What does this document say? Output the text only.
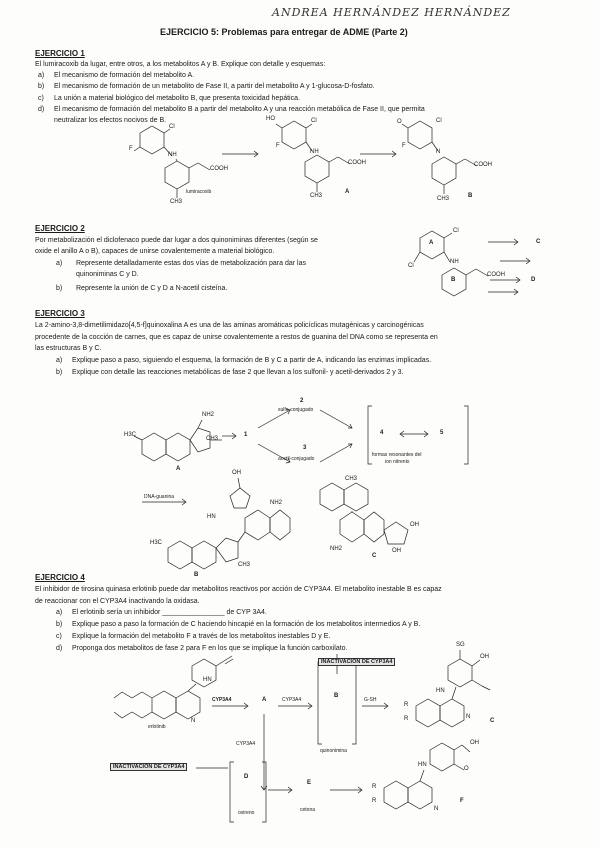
ANDREA HERNÁNDEZ HERNÁNDEZ
EJERCICIO 5: Problemas para entregar de ADME (Parte 2)
EJERCICIO 1
El lumiracoxib da lugar, entre otros, a los metabolitos A y B. Explique con detalle y esquemas:
a) El mecanismo de formación del metabolito A.
b) El mecanismo de formación de un metabolito de Fase II, a partir del metabolito A y 1-glucosa-D-fosfato.
c) La unión a material biológico del metabolito B, que presenta toxicidad hepática.
d) El mecanismo de formación del metabolito B a partir del metabolito A y una reacción metabólica de Fase II, que permita
neutralizar los efectos nocivos de B.
F
Cl
NH
COOH
CH3
lumiracoxib
HO	Cl
NH
F
COOH
CH3
A
O	Cl
N
F
COOH
CH3	B
EJERCICIO 2
Por metabolización el diclofenaco puede dar lugar a dos quinoniminas diferentes (según se
oxide el anillo A o B), capaces de unirse covalentemente a material biológico.
a) Represente detalladamente estas dos vías de metabolización para dar las
quinoniminas C y D.
b) Represente la unión de C y D a N-acetil cisteína.
A
B
Cl
Cl
NH
COOH
C
D
EJERCICIO 3
La 2-amino-3,8-dimetilimidazo[4,5-f]quinoxalina A es una de las aminas aromáticas policíclicas mutagénicas y carcinogénicas
procedente de la cocción de carnes, que es capaz de unirse covalentemente a restos de guanina del DNA como se representa en
las estructuras B y C.
a) Explique paso a paso, siguiendo el esquema, la formación de B y C a partir de A, indicando las enzimas implicadas.
b) Explique con detalle las reacciones metabólicas de fase 2 que llevan a los sulfonil- y acetil-derivados 2 y 3.
H3C
NH2
CH3
A
1
2
sulfo-conjugado
3
acetil-conjugado
4	5
formas resonantes del
ion nitrenio
DNA-guanina
OH
NH2
HN
H3C
CH3
B
CH3
OH
OH
NH2
C
EJERCICIO 4
El inhibidor de tirosina quinasa erlotinib puede dar metabolitos reactivos por acción de CYP3A4. El metabolito inestable B es capaz
de reaccionar con el CYP3A4 inactivando la oxidasa.
a) El erlotinib sería un inhibidor ________________ de CYP 3A4.
b) Explique paso a paso la formación de C haciendo hincapié en la formación de los metabolitos intermedios A y B.
c) Explique la formación del metabolito F a través de los metabolitos inestables D y E.
d) Proponga dos metabolitos de fase 2 para F en los que se implique la función carboxilato.
INACTIVACIÓN DE CYP3A4
INACTIVACIÓN DE CYP3A4
HN
N
erlotinib
CYP3A4	A	CYP3A4
B
quinonimina
G-SH
CYP3A4
SG
OH
HN
R
R	N
C
D
oxireno
E
cetona
OH
O
HN
R
R
N
F
